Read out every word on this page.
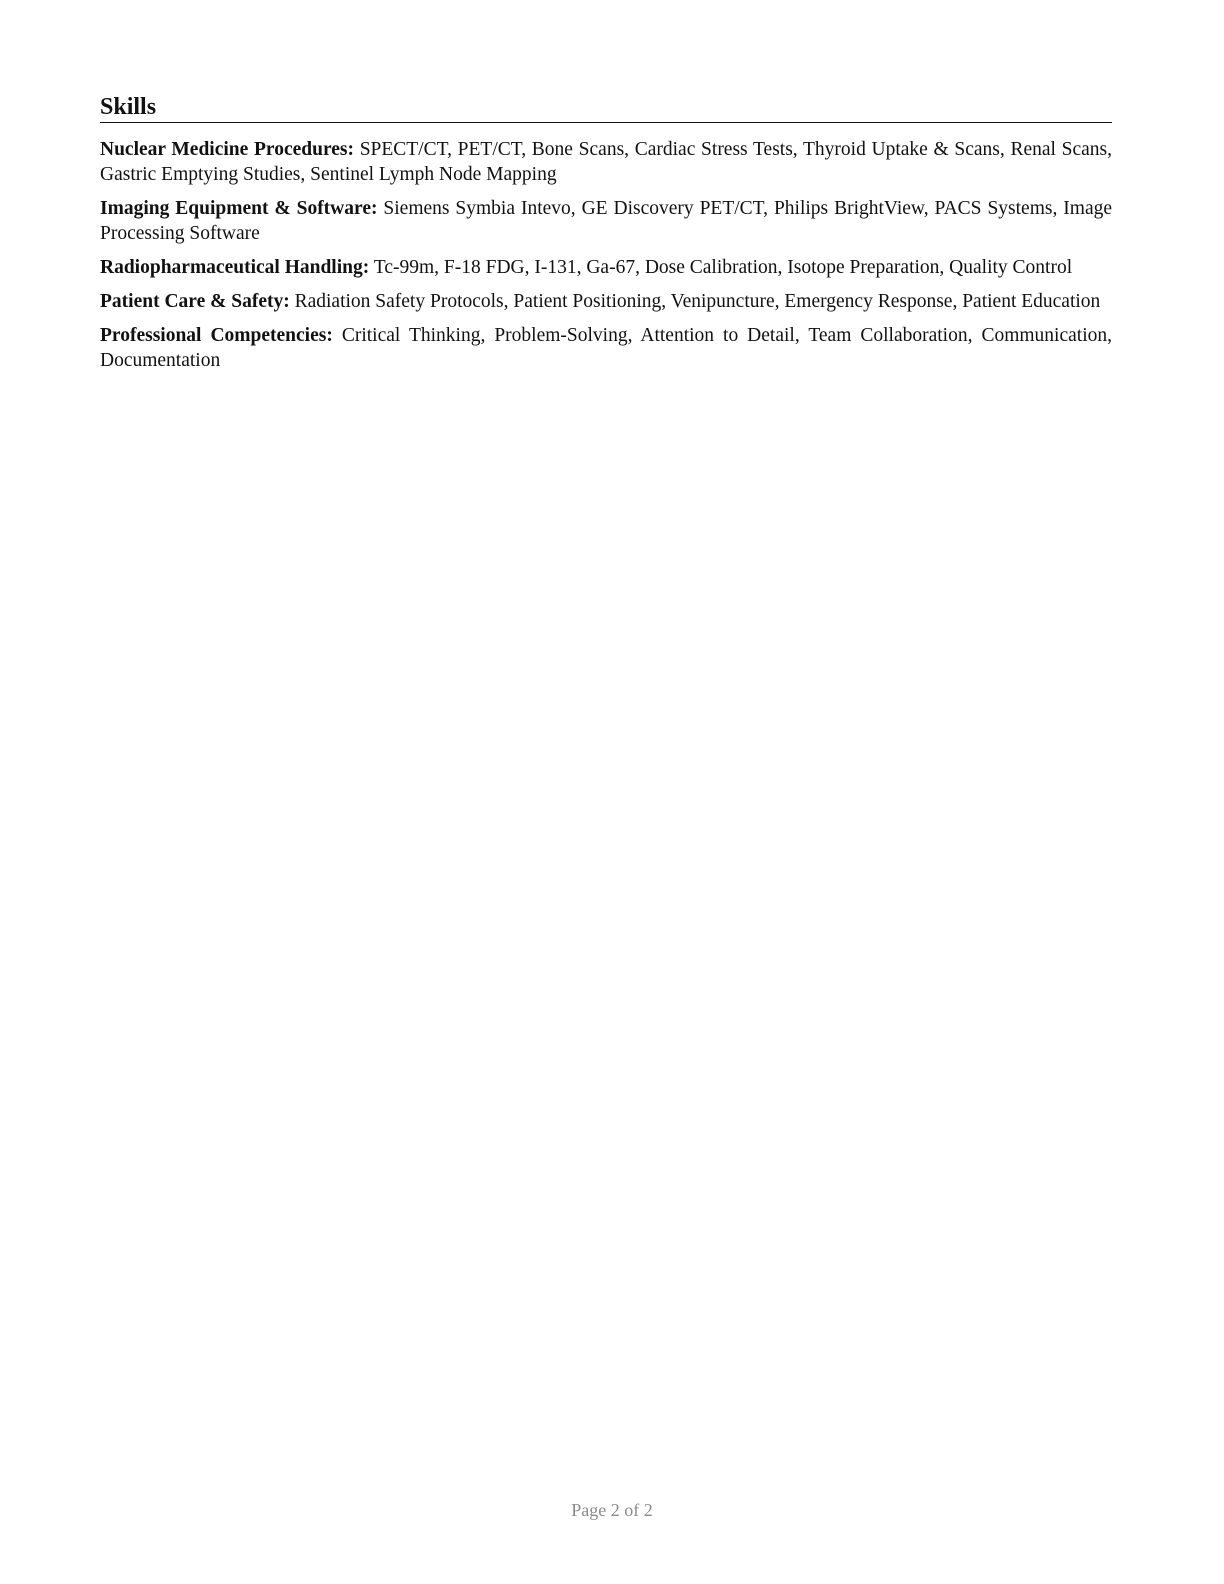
Skills

Nuclear Medicine Procedures: SPECT/CT, PET/CT, Bone Scans, Cardiac Stress Tests, Thyroid Uptake & Scans, Renal Scans, Gastric Emptying Studies, Sentinel Lymph Node Mapping

Imaging Equipment & Software: Siemens Symbia Intevo, GE Discovery PET/CT, Philips BrightView, PACS Systems, Image Processing Software

Radiopharmaceutical Handling: Tc-99m, F-18 FDG, I-131, Ga-67, Dose Calibration, Isotope Preparation, Quality Control

Patient Care & Safety: Radiation Safety Protocols, Patient Positioning, Venipuncture, Emergency Response, Patient Education

Professional Competencies: Critical Thinking, Problem-Solving, Attention to Detail, Team Collaboration, Communication, Documentation

Page 2 of 2
